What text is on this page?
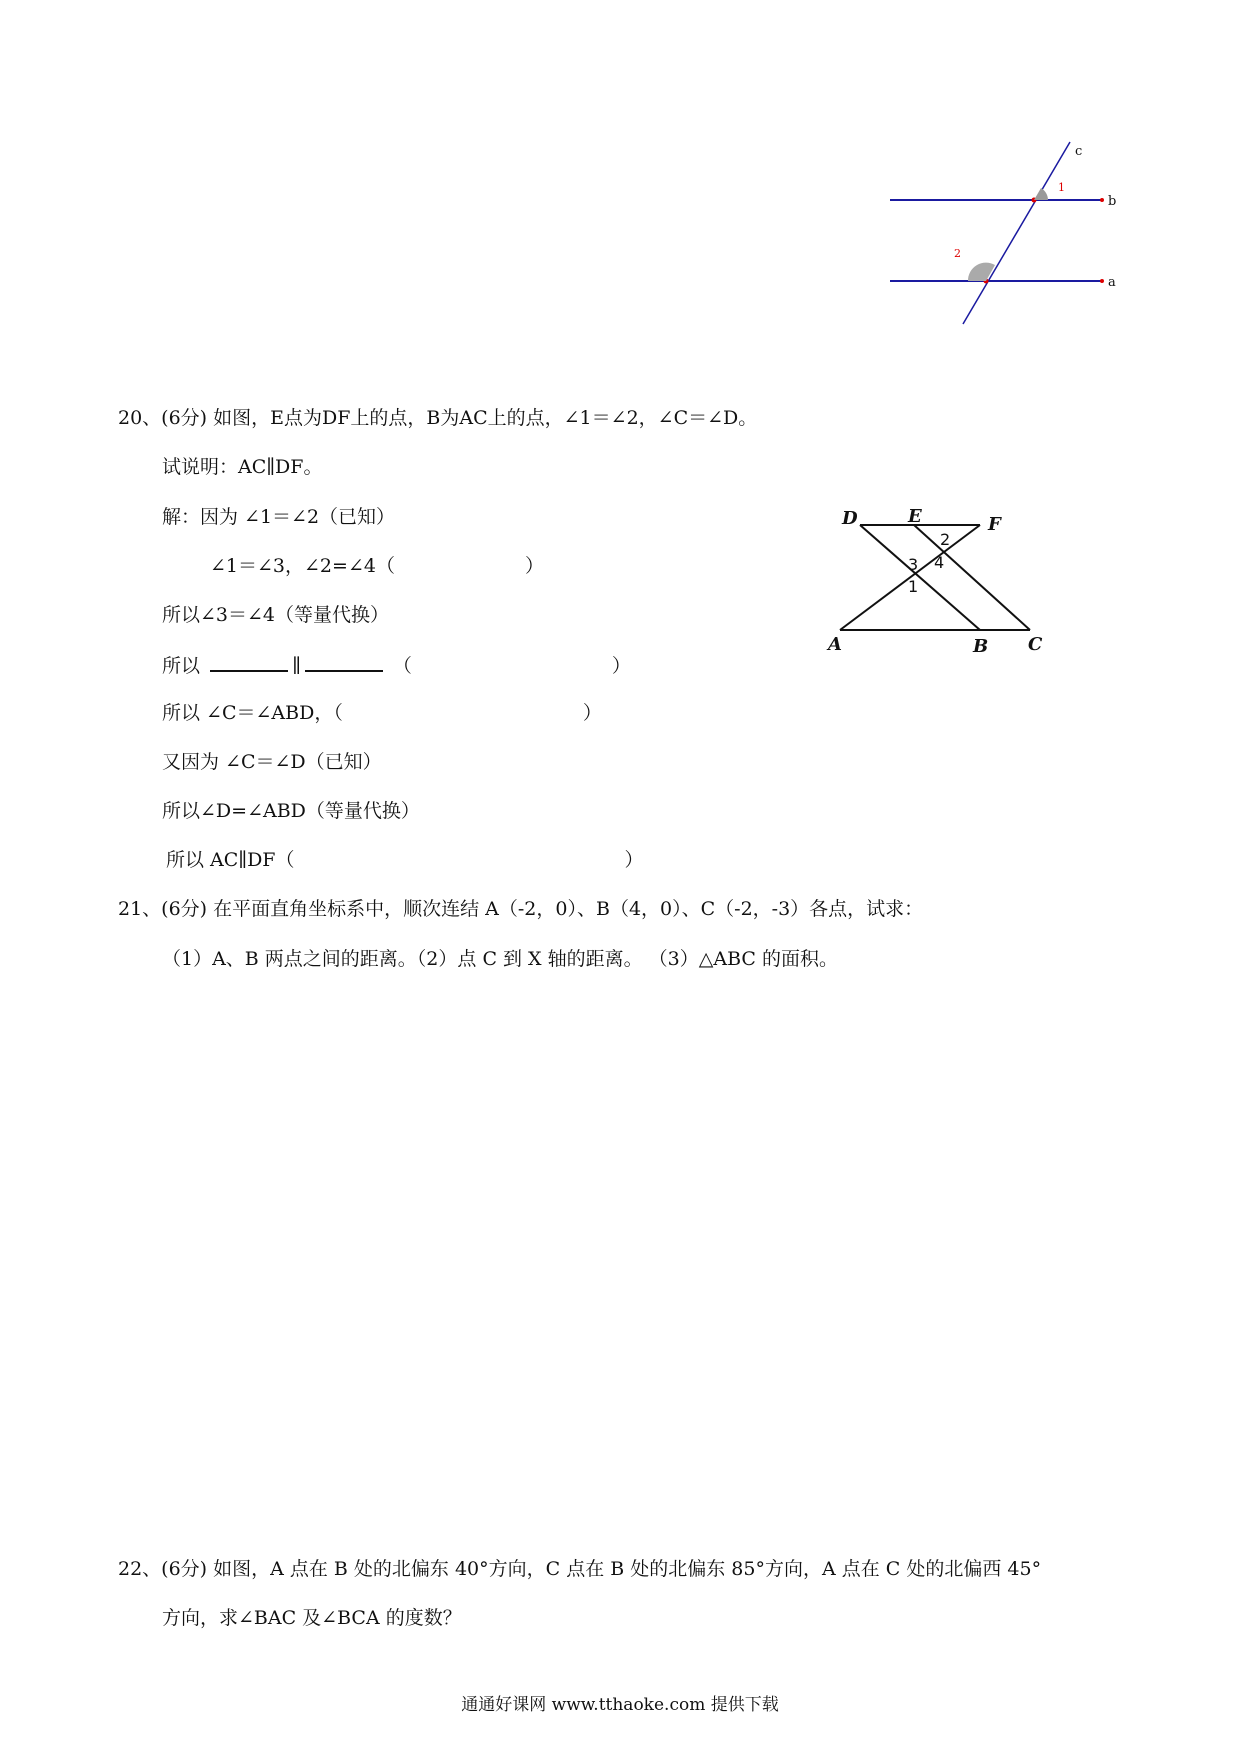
c
b
a
1
2
20、(6分) 如图，E点为DF上的点，B为AC上的点，∠1＝∠2，∠C＝∠D。
试说明：AC∥DF。
解：因为 ∠1＝∠2（已知）
∠1＝∠3，∠2=∠4（	）
所以∠3＝∠4（等量代换）
所以	∥	（	）
所以 ∠C＝∠ABD，（	）
又因为 ∠C＝∠D（已知）
所以∠D=∠ABD（等量代换）
所以 AC∥DF（	）
D	E	F
A	B C
1
2
3 4
21、(6分) 在平面直角坐标系中，顺次连结 A（-2，0）、B（4，0）、C（-2，-3）各点，试求：
（1）A、B 两点之间的距离。（2）点 C 到 X 轴的距离。 （3）△ABC 的面积。
22、(6分) 如图，A 点在 B 处的北偏东 40°方向，C 点在 B 处的北偏东 85°方向，A 点在 C 处的北偏西 45°
方向，求∠BAC 及∠BCA 的度数？
通通好课网 www.tthaoke.com 提供下载
